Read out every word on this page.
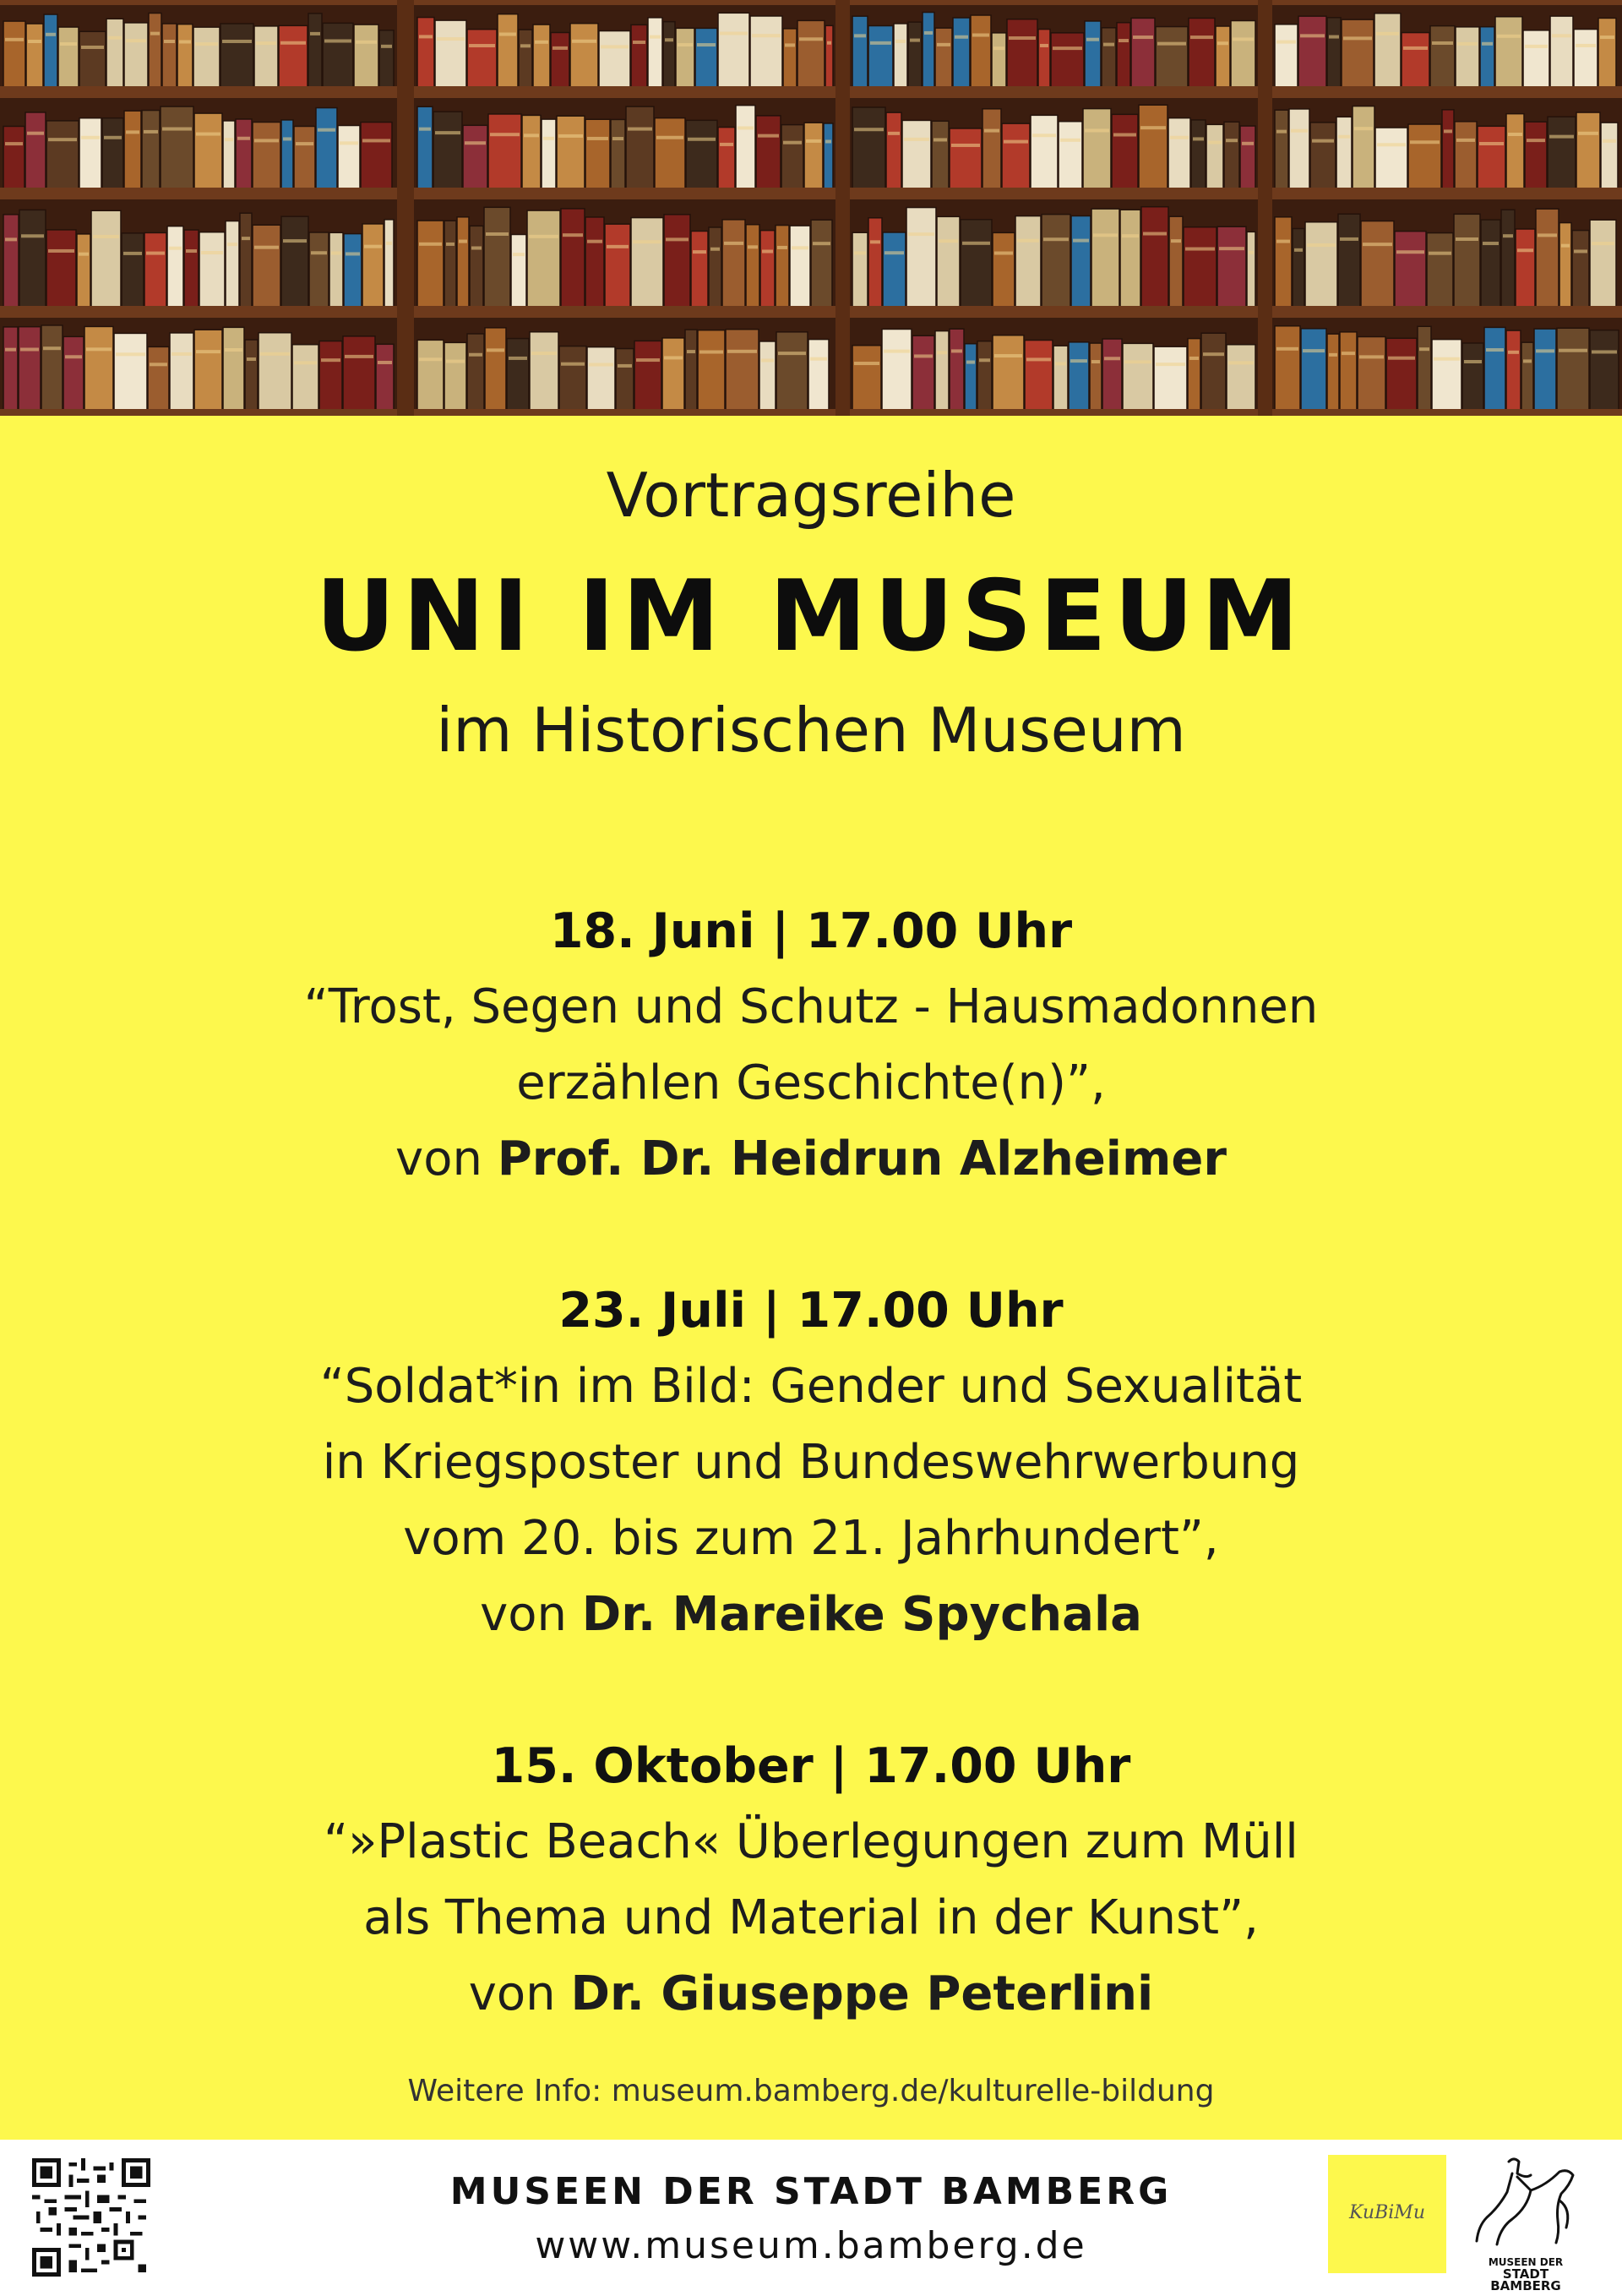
Vortragsreihe
UNI IM MUSEUM
im Historischen Museum
18. Juni | 17.00 Uhr
“Trost, Segen und Schutz - Hausmadonnen
erzählen Geschichte(n)”,
von Prof. Dr. Heidrun Alzheimer
23. Juli | 17.00 Uhr
“Soldat*in im Bild: Gender und Sexualität
in Kriegsposter und Bundeswehrwerbung
vom 20. bis zum 21. Jahrhundert”,
von Dr. Mareike Spychala
15. Oktober | 17.00 Uhr
“»Plastic Beach« Überlegungen zum Müll
als Thema und Material in der Kunst”,
von Dr. Giuseppe Peterlini
Weitere Info: museum.bamberg.de/kulturelle-bildung
MUSEEN DER STADT BAMBERG
www.museum.bamberg.de
KuBiMu
MUSEEN DER
STADT BAMBERG
